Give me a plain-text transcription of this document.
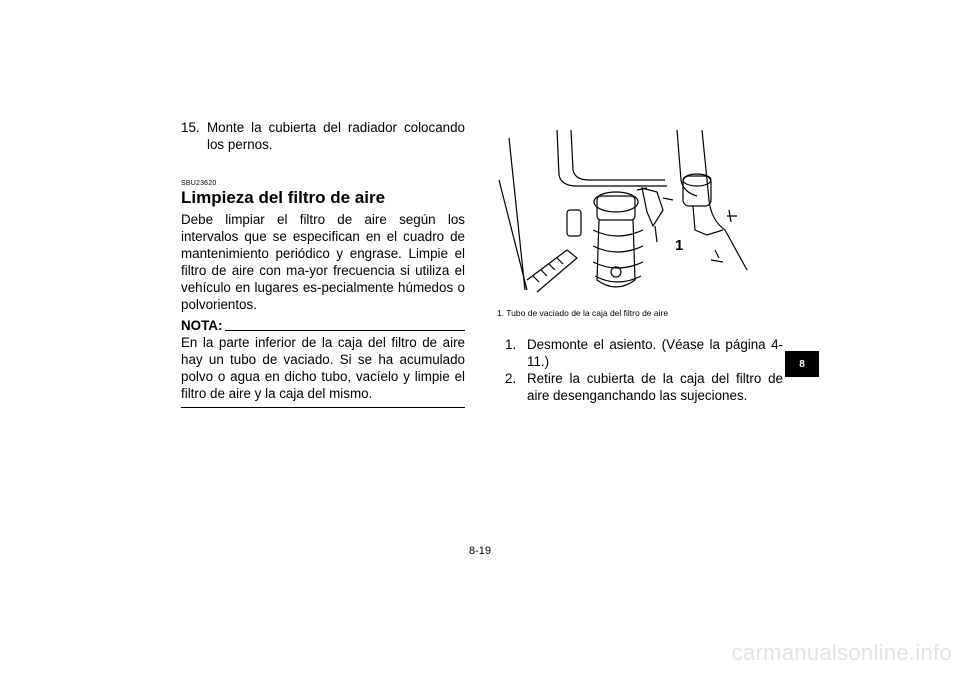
15. Monte la cubierta del radiador colocando los pernos.
SBU23620
Limpieza del filtro de aire
Debe limpiar el filtro de aire según los intervalos que se especifican en el cuadro de mantenimiento periódico y engrase. Limpie el filtro de aire con ma-yor frecuencia si utiliza el vehículo en lugares es-pecialmente húmedos o polvorientos.
NOTA:
En la parte inferior de la caja del filtro de aire hay un tubo de vaciado. Si se ha acumulado polvo o agua en dicho tubo, vacíelo y limpie el filtro de aire y la caja del mismo.
1
1. Tubo de vaciado de la caja del filtro de aire
1. Desmonte el asiento. (Véase la página 4-11.)
2. Retire la cubierta de la caja del filtro de aire desenganchando las sujeciones.
8
8-19
carmanualsonline.info
